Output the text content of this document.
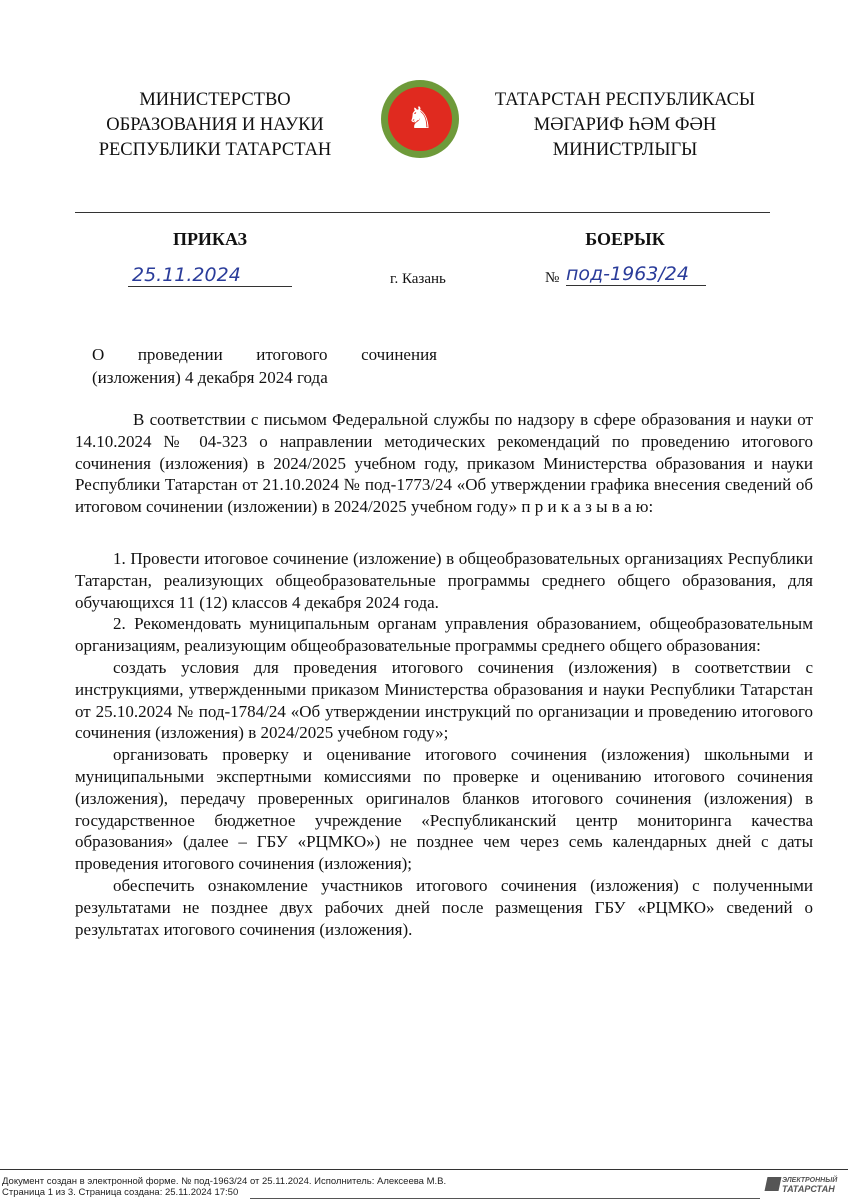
МИНИСТЕРСТВО
ОБРАЗОВАНИЯ И НАУКИ
РЕСПУБЛИКИ ТАТАРСТАН
♞
ТАТАРСТАН РЕСПУБЛИКАСЫ
МӘГАРИФ ҺӘМ ФӘН
МИНИСТРЛЫГЫ
ПРИКАЗ	БОЕРЫК
25.11.2024	г. Казань	№ под-1963/24
О проведении итогового сочинения (изложения) 4 декабря 2024 года

В соответствии с письмом Федеральной службы по надзору в сфере образования и науки от 14.10.2024 № 04-323 о направлении методических рекомендаций по проведению итогового сочинения (изложения) в 2024/2025 учебном году, приказом Министерства образования и науки Республики Татарстан от 21.10.2024 № под-1773/24 «Об утверждении графика внесения сведений об итоговом сочинении (изложении) в 2024/2025 учебном году» п р и к а з ы в а ю:

1. Провести итоговое сочинение (изложение) в общеобразовательных организациях Республики Татарстан, реализующих общеобразовательные программы среднего общего образования, для обучающихся 11 (12) классов 4 декабря 2024 года.

2. Рекомендовать муниципальным органам управления образованием, общеобразовательным организациям, реализующим общеобразовательные программы среднего общего образования:

создать условия для проведения итогового сочинения (изложения) в соответствии с инструкциями, утвержденными приказом Министерства образования и науки Республики Татарстан от 25.10.2024 № под-1784/24 «Об утверждении инструкций по организации и проведению итогового сочинения (изложения) в 2024/2025 учебном году»;

организовать проверку и оценивание итогового сочинения (изложения) школьными и муниципальными экспертными комиссиями по проверке и оцениванию итогового сочинения (изложения), передачу проверенных оригиналов бланков итогового сочинения (изложения) в государственное бюджетное учреждение «Республиканский центр мониторинга качества образования» (далее – ГБУ «РЦМКО») не позднее чем через семь календарных дней с даты проведения итогового сочинения (изложения);

обеспечить ознакомление участников итогового сочинения (изложения) с полученными результатами не позднее двух рабочих дней после размещения ГБУ «РЦМКО» сведений о результатах итогового сочинения (изложения).

Документ создан в электронной форме. № под-1963/24 от 25.11.2024. Исполнитель: Алексеева М.В.
Страница 1 из 3. Страница создана: 25.11.2024 17:50
ЭЛЕКТРОННЫЙ
ТАТАРСТАН
